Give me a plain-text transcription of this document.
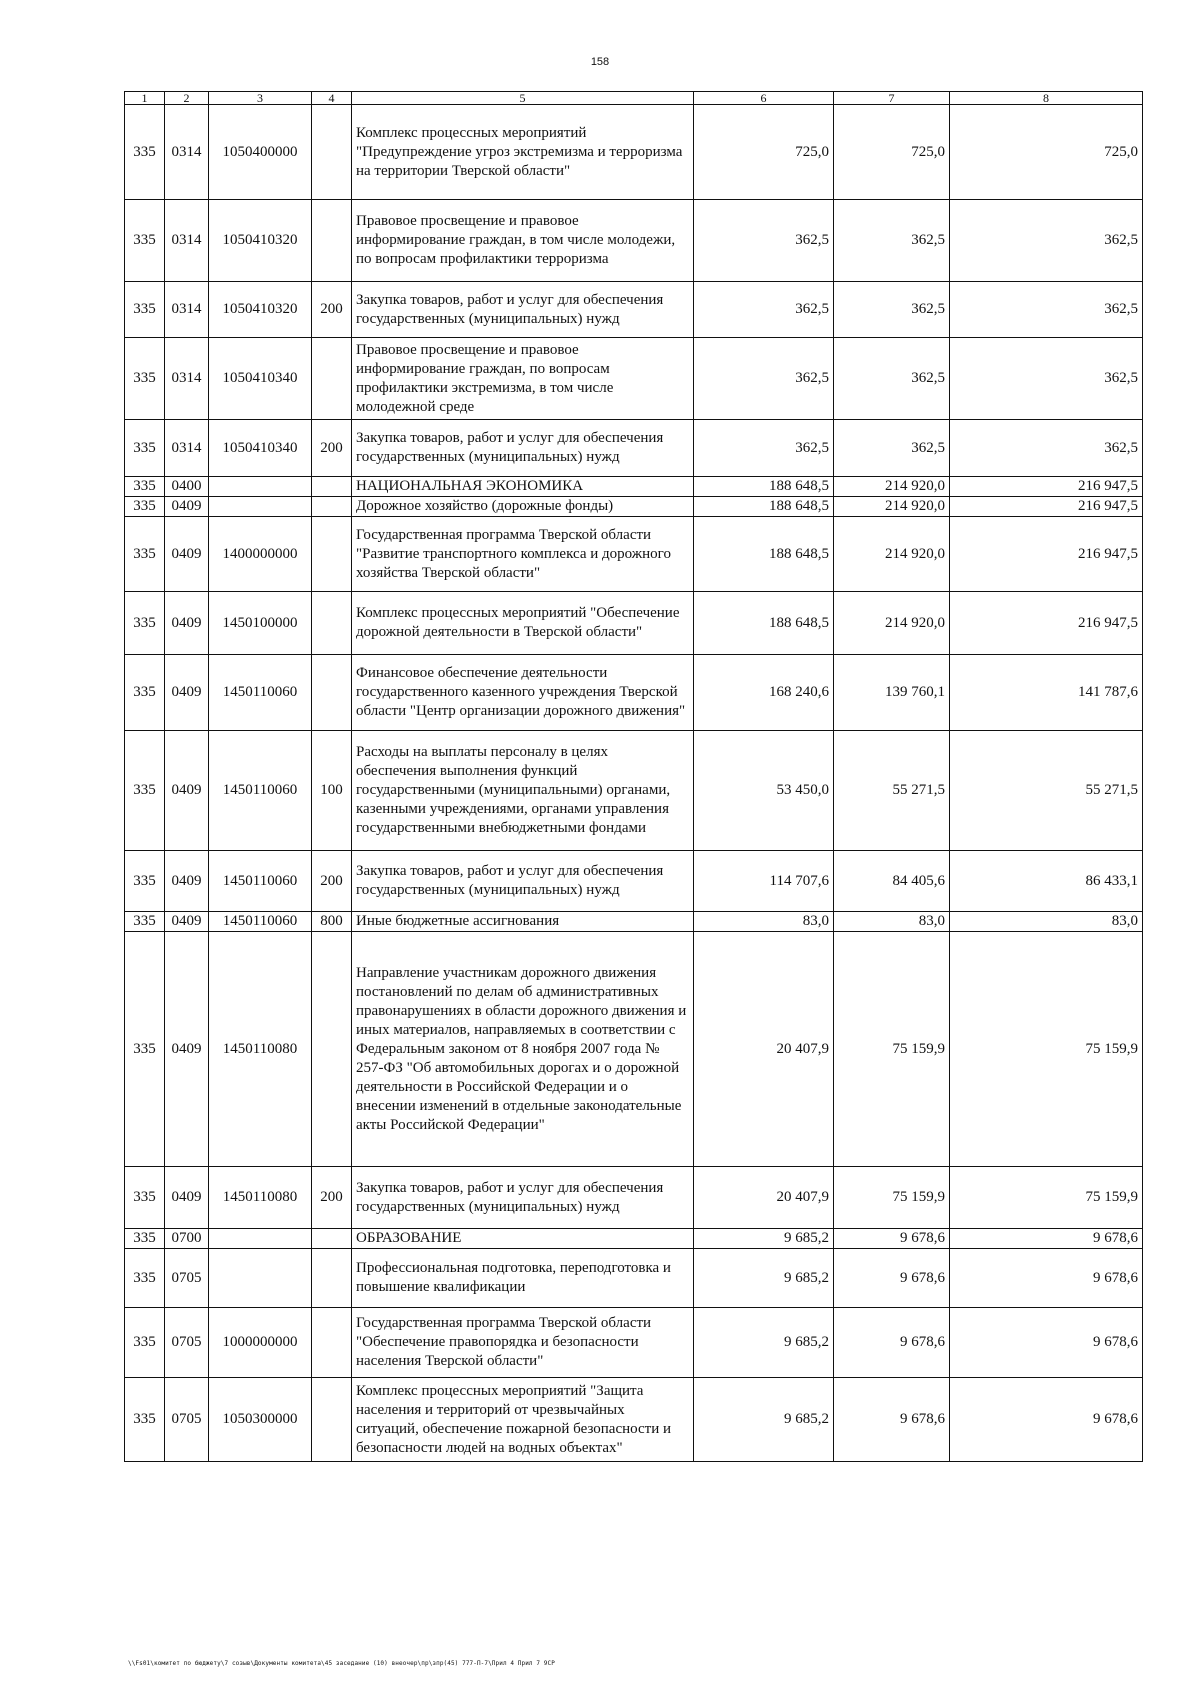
158
1	2	3	4	5	6	7	8
335	0314	1050400000		Комплекс процессных мероприятий "Предупреждение угроз экстремизма и терроризма на территории Тверской области"	725,0	725,0	725,0
335	0314	1050410320		Правовое просвещение и правовое информирование граждан, в том числе молодежи, по вопросам профилактики терроризма	362,5	362,5	362,5
335	0314	1050410320	200	Закупка товаров, работ и услуг для обеспечения государственных (муниципальных) нужд	362,5	362,5	362,5
335	0314	1050410340		Правовое просвещение и правовое информирование граждан, по вопросам профилактики экстремизма, в том числе молодежной среде	362,5	362,5	362,5
335	0314	1050410340	200	Закупка товаров, работ и услуг для обеспечения государственных (муниципальных) нужд	362,5	362,5	362,5
335	0400			НАЦИОНАЛЬНАЯ ЭКОНОМИКА	188 648,5	214 920,0	216 947,5
335	0409			Дорожное хозяйство (дорожные фонды)	188 648,5	214 920,0	216 947,5
335	0409	1400000000		Государственная программа Тверской области "Развитие транспортного комплекса и дорожного хозяйства Тверской области"	188 648,5	214 920,0	216 947,5
335	0409	1450100000		Комплекс процессных мероприятий "Обеспечение дорожной деятельности в Тверской области"	188 648,5	214 920,0	216 947,5
335	0409	1450110060		Финансовое обеспечение деятельности государственного казенного учреждения Тверской области "Центр организации дорожного движения"	168 240,6	139 760,1	141 787,6
335	0409	1450110060	100	Расходы на выплаты персоналу в целях обеспечения выполнения функций государственными (муниципальными) органами, казенными учреждениями, органами управления государственными внебюджетными фондами	53 450,0	55 271,5	55 271,5
335	0409	1450110060	200	Закупка товаров, работ и услуг для обеспечения государственных (муниципальных) нужд	114 707,6	84 405,6	86 433,1
335	0409	1450110060	800	Иные бюджетные ассигнования	83,0	83,0	83,0
335	0409	1450110080		Направление участникам дорожного движения постановлений по делам об административных правонарушениях в области дорожного движения и иных материалов, направляемых в соответствии с Федеральным законом от 8 ноября 2007 года № 257-ФЗ "Об автомобильных дорогах и о дорожной деятельности в Российской Федерации и о внесении изменений в отдельные законодательные акты Российской Федерации"	20 407,9	75 159,9	75 159,9
335	0409	1450110080	200	Закупка товаров, работ и услуг для обеспечения государственных (муниципальных) нужд	20 407,9	75 159,9	75 159,9
335	0700			ОБРАЗОВАНИЕ	9 685,2	9 678,6	9 678,6
335	0705			Профессиональная подготовка, переподготовка и повышение квалификации	9 685,2	9 678,6	9 678,6
335	0705	1000000000		Государственная программа Тверской области "Обеспечение правопорядка и безопасности населения Тверской области"	9 685,2	9 678,6	9 678,6
335	0705	1050300000		Комплекс процессных мероприятий "Защита населения и территорий от чрезвычайных ситуаций, обеспечение пожарной безопасности и безопасности людей на водных объектах"	9 685,2	9 678,6	9 678,6
\\Fs01\комитет по бюджету\7 созыв\Документы комитета\45 заседание (10) внеочер\пр\зпр(45) 777-П-7\Прил 4 Прил 7 9СР
